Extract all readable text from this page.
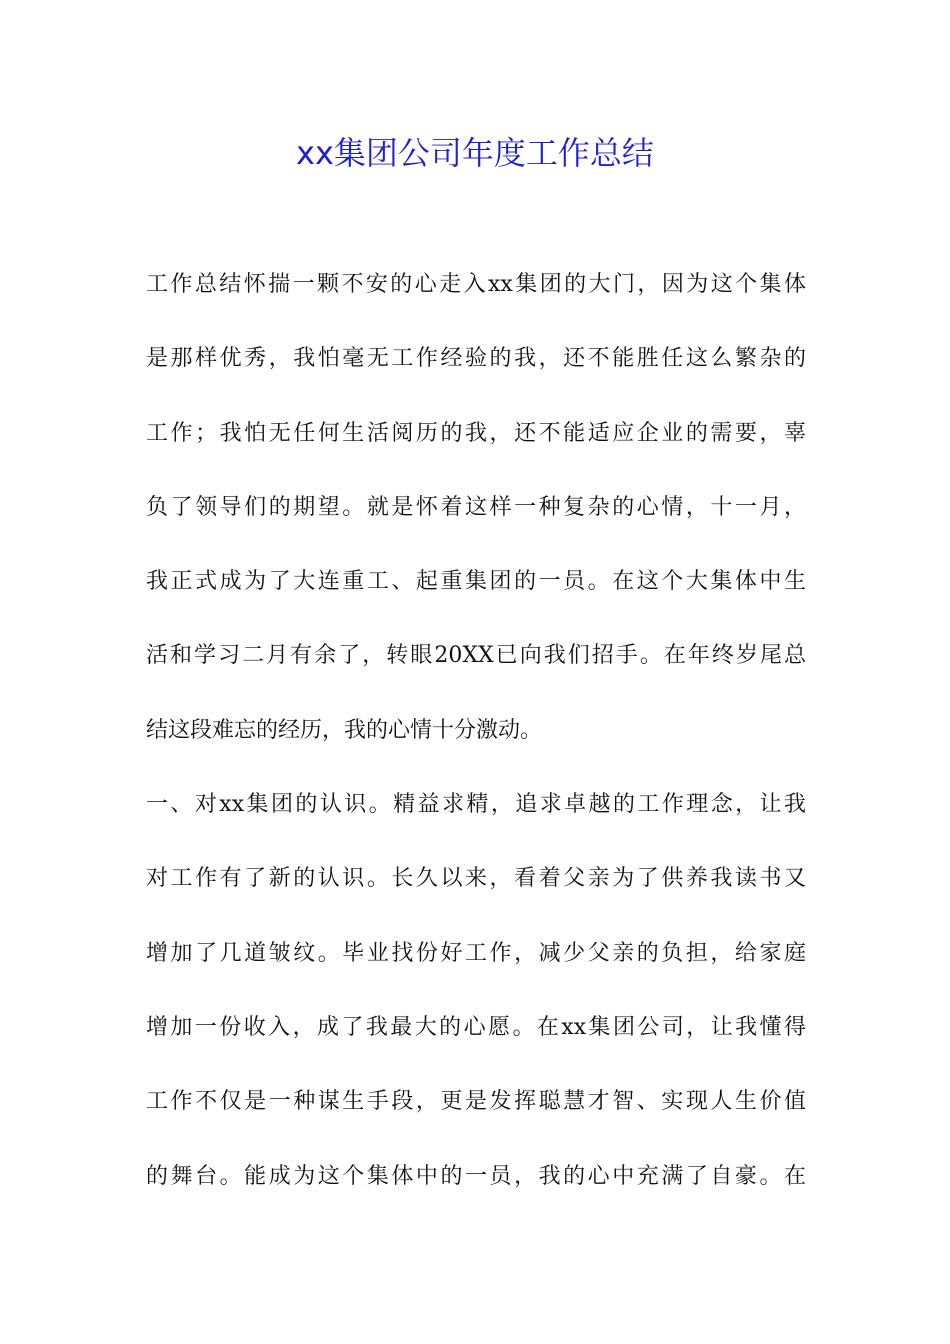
xx集团公司年度工作总结
工作总结怀揣一颗不安的心走入xx集团的大门，因为这个集体
是那样优秀，我怕毫无工作经验的我，还不能胜任这么繁杂的
工作；我怕无任何生活阅历的我，还不能适应企业的需要，辜
负了领导们的期望。就是怀着这样一种复杂的心情，十一月，
我正式成为了大连重工、起重集团的一员。在这个大集体中生
活和学习二月有余了，转眼20XX已向我们招手。在年终岁尾总
结这段难忘的经历，我的心情十分激动。
一、对xx集团的认识。精益求精，追求卓越的工作理念，让我
对工作有了新的认识。长久以来，看着父亲为了供养我读书又
增加了几道皱纹。毕业找份好工作，减少父亲的负担，给家庭
增加一份收入，成了我最大的心愿。在xx集团公司，让我懂得
工作不仅是一种谋生手段，更是发挥聪慧才智、实现人生价值
的舞台。能成为这个集体中的一员，我的心中充满了自豪。在
